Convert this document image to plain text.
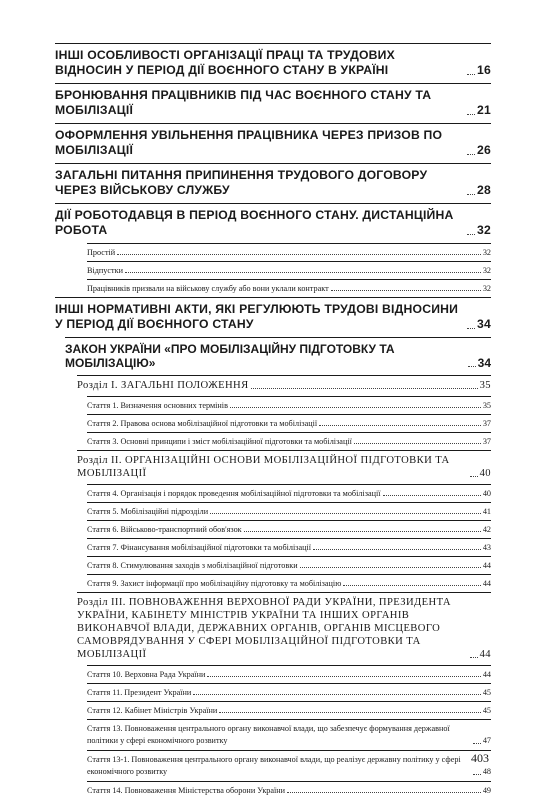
ІНШІ ОСОБЛИВОСТІ ОРГАНІЗАЦІЇ ПРАЦІ ТА ТРУДОВИХ ВІДНОСИН У ПЕРІОД ДІЇ ВОЄННОГО СТАНУ В УКРАЇНІ	16
БРОНЮВАННЯ ПРАЦІВНИКІВ ПІД ЧАС ВОЄННОГО СТАНУ ТА МОБІЛІЗАЦІЇ	21
ОФОРМЛЕННЯ УВІЛЬНЕННЯ ПРАЦІВНИКА ЧЕРЕЗ ПРИЗОВ ПО МОБІЛІЗАЦІЇ	26
ЗАГАЛЬНІ ПИТАННЯ ПРИПИНЕННЯ ТРУДОВОГО ДОГОВОРУ ЧЕРЕЗ ВІЙСЬКОВУ СЛУЖБУ	28
ДІЇ РОБОТОДАВЦЯ В ПЕРІОД ВОЄННОГО СТАНУ. ДИСТАНЦІЙНА РОБОТА	32
Простій	32
Відпустки	32
Працівників призвали на військову службу або вони уклали контракт	32
ІНШІ НОРМАТИВНІ АКТИ, ЯКІ РЕГУЛЮЮТЬ ТРУДОВІ ВІДНОСИНИ У ПЕРІОД ДІЇ ВОЄННОГО СТАНУ	34
ЗАКОН УКРАЇНИ «ПРО МОБІЛІЗАЦІЙНУ ПІДГОТОВКУ ТА МОБІЛІЗАЦІЮ»	34
Розділ І. ЗАГАЛЬНІ ПОЛОЖЕННЯ	35
Стаття 1. Визначення основних термінів	35
Стаття 2. Правова основа мобілізаційної підготовки та мобілізації	37
Стаття 3. Основні принципи і зміст мобілізаційної підготовки та мобілізації	37
Розділ ІІ. ОРГАНІЗАЦІЙНІ ОСНОВИ МОБІЛІЗАЦІЙНОЇ ПІДГОТОВКИ ТА МОБІЛІЗАЦІЇ	40
Стаття 4. Організація і порядок проведення мобілізаційної підготовки та мобілізації	40
Стаття 5. Мобілізаційні підрозділи	41
Стаття 6. Військово-транспортний обов'язок	42
Стаття 7. Фінансування мобілізаційної підготовки та мобілізації	43
Стаття 8. Стимулювання заходів з мобілізаційної підготовки	44
Стаття 9. Захист інформації про мобілізаційну підготовку та мобілізацію	44
Розділ ІІІ. ПОВНОВАЖЕННЯ ВЕРХОВНОЇ РАДИ УКРАЇНИ, ПРЕЗИДЕНТА УКРАЇНИ, КАБІНЕТУ МІНІСТРІВ УКРАЇНИ ТА ІНШИХ ОРГАНІВ ВИКОНАВЧОЇ ВЛАДИ, ДЕРЖАВНИХ ОРГАНІВ, ОРГАНІВ МІСЦЕВОГО САМОВРЯДУВАННЯ У СФЕРІ МОБІЛІЗАЦІЙНОЇ ПІДГОТОВКИ ТА МОБІЛІЗАЦІЇ	44
Стаття 10. Верховна Рада України	44
Стаття 11. Президент України	45
Стаття 12. Кабінет Міністрів України	45
Стаття 13. Повноваження центрального органу виконавчої влади, що забезпечує формування державної політики у сфері економічного розвитку	47
Стаття 13-1. Повноваження центрального органу виконавчої влади, що реалізує державну політику у сфері економічного розвитку	48
Стаття 14. Повноваження Міністерства оборони України	49
403
